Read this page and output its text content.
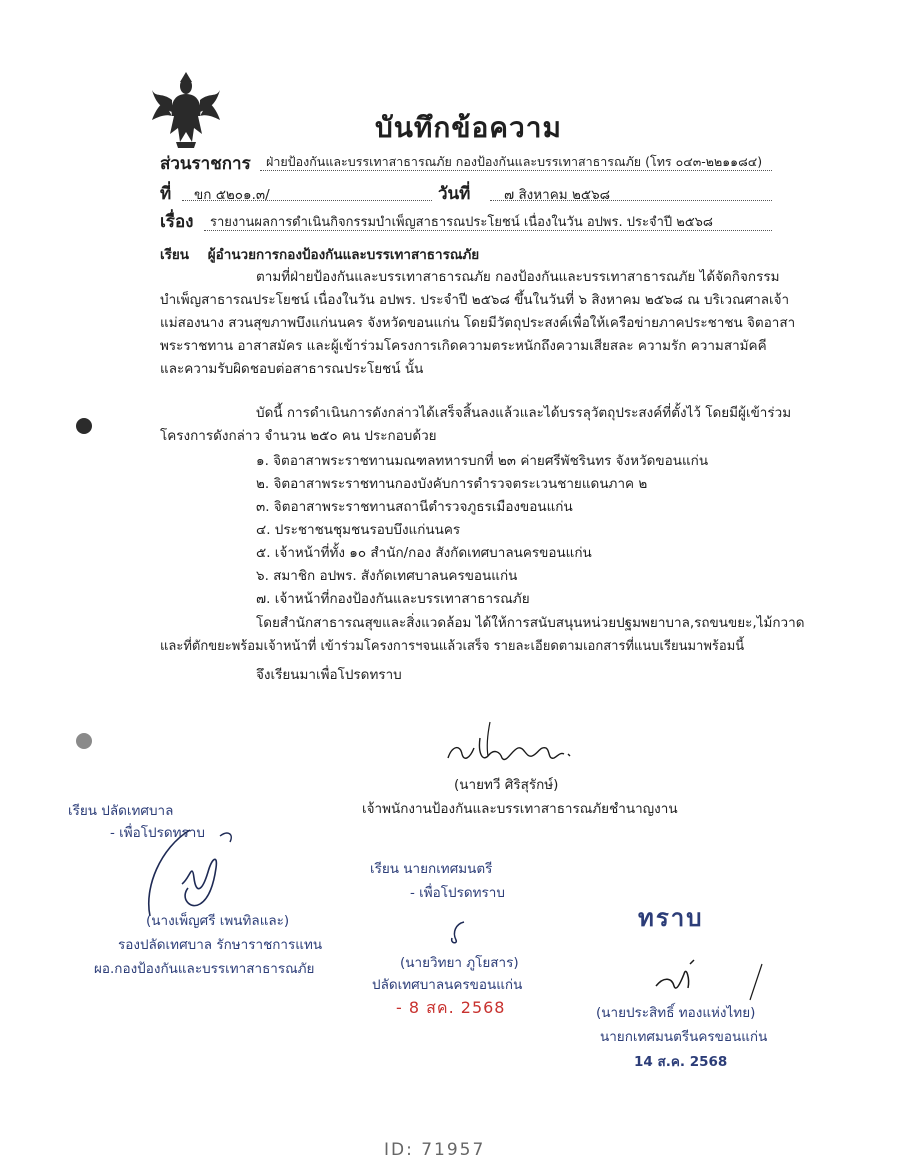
บันทึกข้อความ
ส่วนราชการ ฝ่ายป้องกันและบรรเทาสาธารณภัย กองป้องกันและบรรเทาสาธารณภัย (โทร ๐๔๓-๒๒๑๑๘๔)
ที่ ขก ๕๒๐๑.๓/	วันที่ ๗ สิงหาคม ๒๕๖๘
เรื่อง รายงานผลการดำเนินกิจกรรมบำเพ็ญสาธารณประโยชน์ เนื่องในวัน อปพร. ประจำปี ๒๕๖๘
เรียน ผู้อำนวยการกองป้องกันและบรรเทาสาธารณภัย
ตามที่ฝ่ายป้องกันและบรรเทาสาธารณภัย กองป้องกันและบรรเทาสาธารณภัย ได้จัดกิจกรรม
บำเพ็ญสาธารณประโยชน์ เนื่องในวัน อปพร. ประจำปี ๒๕๖๘ ขึ้นในวันที่ ๖ สิงหาคม ๒๕๖๘ ณ บริเวณศาลเจ้า
แม่สองนาง สวนสุขภาพบึงแก่นนคร จังหวัดขอนแก่น โดยมีวัตถุประสงค์เพื่อให้เครือข่ายภาคประชาชน จิตอาสา
พระราชทาน อาสาสมัคร และผู้เข้าร่วมโครงการเกิดความตระหนักถึงความเสียสละ ความรัก ความสามัคคี
และความรับผิดชอบต่อสาธารณประโยชน์ นั้น
บัดนี้ การดำเนินการดังกล่าวได้เสร็จสิ้นลงแล้วและได้บรรลุวัตถุประสงค์ที่ตั้งไว้ โดยมีผู้เข้าร่วม
โครงการดังกล่าว จำนวน ๒๕๐ คน ประกอบด้วย
๑. จิตอาสาพระราชทานมณฑลทหารบกที่ ๒๓ ค่ายศรีพัชรินทร จังหวัดขอนแก่น
๒. จิตอาสาพระราชทานกองบังคับการตำรวจตระเวนชายแดนภาค ๒
๓. จิตอาสาพระราชทานสถานีตำรวจภูธรเมืองขอนแก่น
๔. ประชาชนชุมชนรอบบึงแก่นนคร
๕. เจ้าหน้าที่ทั้ง ๑๐ สำนัก/กอง สังกัดเทศบาลนครขอนแก่น
๖. สมาชิก อปพร. สังกัดเทศบาลนครขอนแก่น
๗. เจ้าหน้าที่กองป้องกันและบรรเทาสาธารณภัย
โดยสำนักสาธารณสุขและสิ่งแวดล้อม ได้ให้การสนับสนุนหน่วยปฐมพยาบาล,รถขนขยะ,ไม้กวาด
และที่ตักขยะพร้อมเจ้าหน้าที่ เข้าร่วมโครงการฯจนแล้วเสร็จ รายละเอียดตามเอกสารที่แนบเรียนมาพร้อมนี้
จึงเรียนมาเพื่อโปรดทราบ
(นายทวี ศิริสุรักษ์)
เจ้าพนักงานป้องกันและบรรเทาสาธารณภัยชำนาญงาน
เรียน ปลัดเทศบาล
- เพื่อโปรดทราบ
(นางเพ็ญศรี เพนทิลและ)
รองปลัดเทศบาล รักษาราชการแทน
ผอ.กองป้องกันและบรรเทาสาธารณภัย
เรียน นายกเทศมนตรี
- เพื่อโปรดทราบ
(นายวิทยา ภูโยสาร)
ปลัดเทศบาลนครขอนแก่น
- 8 สค. 2568
ทราบ
(นายประสิทธิ์ ทองแห่งไทย)
นายกเทศมนตรีนครขอนแก่น
14 ส.ค. 2568
ID: 71957
